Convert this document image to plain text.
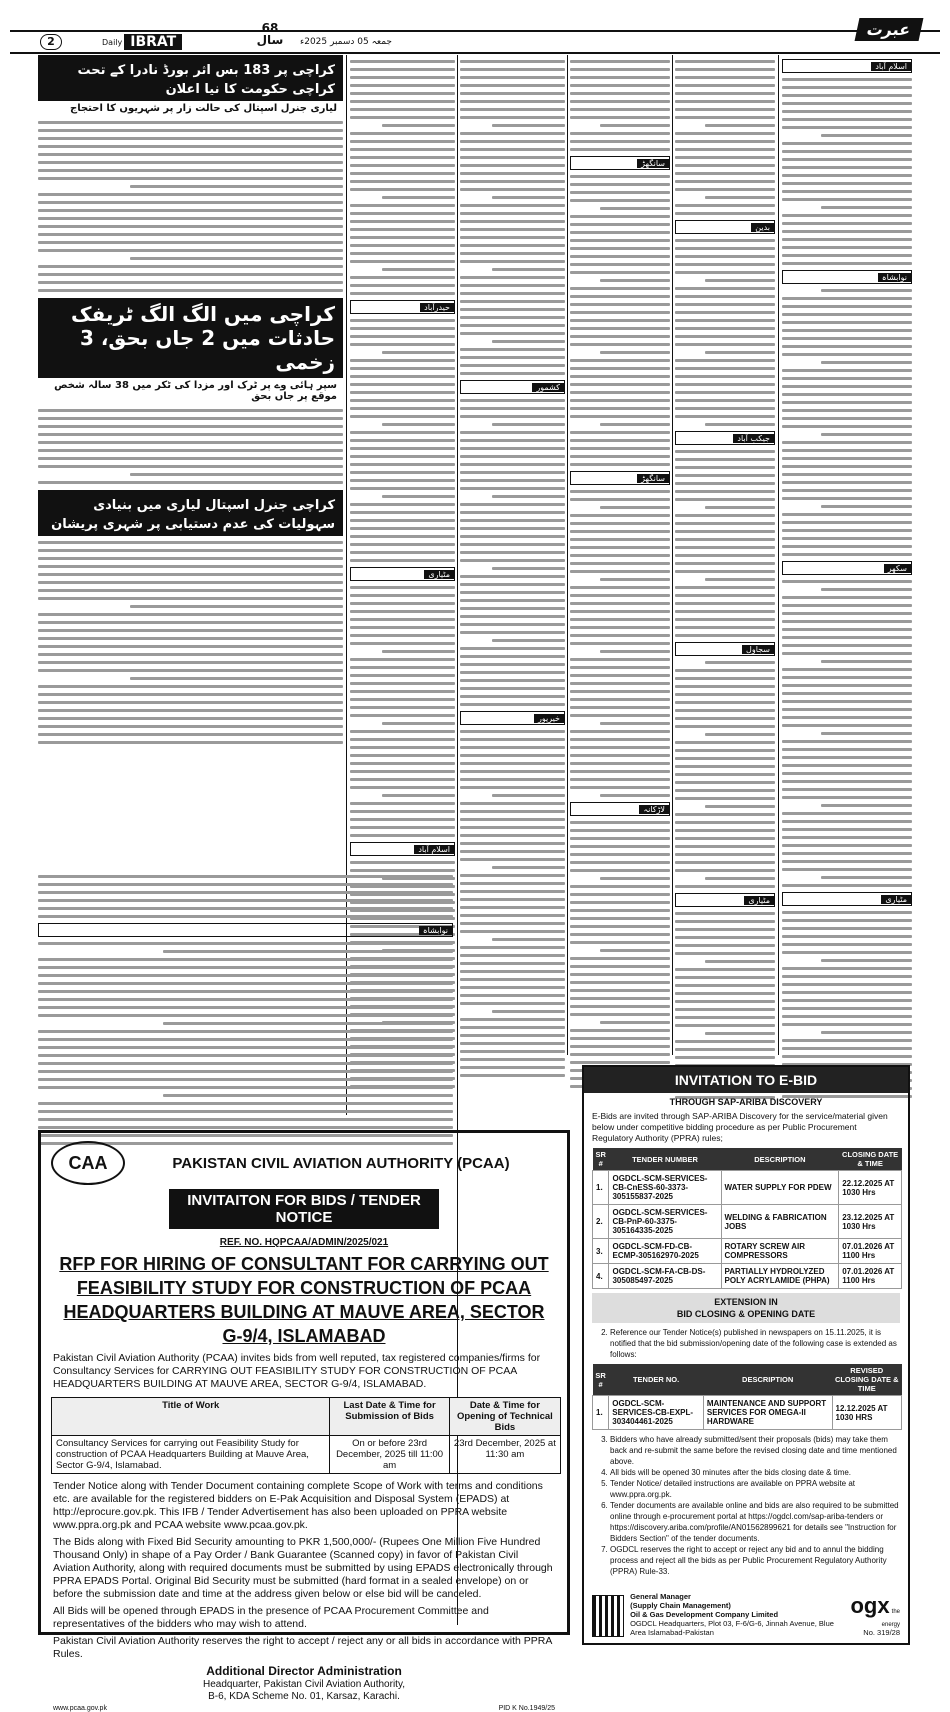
2	Daily IBRAT	جمعہ 05 دسمبر 2025ء
عبرت
68
سال
کراچی پر 183 بس اثر بورڈ نادرا کے تحت کراچی حکومت کا نیا اعلان
لیاری جنرل اسپتال کی حالت زار پر شہریوں کا احتجاج
کراچی میں الگ الگ ٹریفک حادثات میں 2 جاں بحق، 3 زخمی
سپر ہائی وے پر ٹرک اور مزدا کی ٹکر میں 38 سالہ شخص موقع پر جاں بحق
کراچی جنرل اسپتال لیاری میں بنیادی سہولیات کی عدم دستیابی پر شہری پریشان
حیدرآباد
مٹیاری
اسلام آباد
کشمور
خیرپور
سانگھڑ
سانگھڑ
لاڑکانہ
بدین
جیکب آباد
سجاول
مٹیاری
اسلام آباد
نوابشاہ
سکھر
مٹیاری
نوابشاہ
CAA	PAKISTAN CIVIL AVIATION AUTHORITY (PCAA)
INVITAITON FOR BIDS / TENDER NOTICE
REF. NO. HQPCAA/ADMIN/2025/021
RFP FOR HIRING OF CONSULTANT FOR CARRYING OUT FEASIBILITY STUDY FOR CONSTRUCTION OF PCAA HEADQUARTERS BUILDING AT MAUVE AREA, SECTOR G-9/4, ISLAMABAD

Pakistan Civil Aviation Authority (PCAA) invites bids from well reputed, tax registered companies/firms for Consultancy Services for CARRYING OUT FEASIBILITY STUDY FOR CONSTRUCTION OF PCAA HEADQUARTERS BUILDING AT MAUVE AREA, SECTOR G-9/4, ISLAMABAD.

Title of Work	Last Date & Time for Submission of Bids	Date & Time for Opening of Technical Bids
Consultancy Services for carrying out Feasibility Study for construction of PCAA Headquarters Building at Mauve Area, Sector G-9/4, Islamabad.	On or before 23rd December, 2025 till 11:00 am	23rd December, 2025 at 11:30 am

Tender Notice along with Tender Document containing complete Scope of Work with terms and conditions etc. are available for the registered bidders on E-Pak Acquisition and Disposal System (EPADS) at http://eprocure.gov.pk. This IFB / Tender Advertisement has also been uploaded on PPRA website www.ppra.org.pk and PCAA website www.pcaa.gov.pk.

The Bids along with Fixed Bid Security amounting to PKR 1,500,000/- (Rupees One Million Five Hundred Thousand Only) in shape of a Pay Order / Bank Guarantee (Scanned copy) in favor of Pakistan Civil Aviation Authority, along with required documents must be submitted by using EPADS electronically through PPRA EPADS Portal. Original Bid Security must be submitted (hard format in a sealed envelope) on or before the submission date and time at the address given below or else bid will be canceled.

All Bids will be opened through EPADS in the presence of PCAA Procurement Committee and representatives of the bidders who may wish to attend.

Pakistan Civil Aviation Authority reserves the right to accept / reject any or all bids in accordance with PPRA Rules.

Additional Director Administration
Headquarter, Pakistan Civil Aviation Authority,
B-6, KDA Scheme No. 01, Karsaz, Karachi.
www.pcaa.gov.pk	PID K No.1949/25
INVITATION TO E-BID
THROUGH SAP-ARIBA DISCOVERY

E-Bids are invited through SAP-ARIBA Discovery for the service/material given below under competitive bidding procedure as per Public Procurement Regulatory Authority (PPRA) rules;

SR #	TENDER NUMBER	DESCRIPTION	CLOSING DATE & TIME
1.	OGDCL-SCM-SERVICES-CB-CnESS-60-3373-305155837-2025	WATER SUPPLY FOR PDEW	22.12.2025 AT 1030 Hrs
2.	OGDCL-SCM-SERVICES-CB-PnP-60-3375-305164335-2025	WELDING & FABRICATION JOBS	23.12.2025 AT 1030 Hrs
3.	OGDCL-SCM-FD-CB-ECMP-305162970-2025	ROTARY SCREW AIR COMPRESSORS	07.01.2026 AT 1100 Hrs
4.	OGDCL-SCM-FA-CB-DS-305085497-2025	PARTIALLY HYDROLYZED POLY ACRYLAMIDE (PHPA)	07.01.2026 AT 1100 Hrs
EXTENSION IN
BID CLOSING & OPENING DATE
2. Reference our Tender Notice(s) published in newspapers on 15.11.2025, it is notified that the bid submission/opening date of the following case is extended as follows:
SR #	TENDER NO.	DESCRIPTION	REVISED CLOSING DATE & TIME
1.	OGDCL-SCM-SERVICES-CB-EXPL-303404461-2025	MAINTENANCE AND SUPPORT SERVICES FOR OMEGA-II HARDWARE	12.12.2025 AT 1030 HRS
3. Bidders who have already submitted/sent their proposals (bids) may take them back and re-submit the same before the revised closing date and time mentioned above.
4. All bids will be opened 30 minutes after the bids closing date & time.
5. Tender Notice/ detailed instructions are available on PPRA website at www.ppra.org.pk.
6. Tender documents are available online and bids are also required to be submitted online through e-procurement portal at https://ogdcl.com/sap-ariba-tenders or https://discovery.ariba.com/profile/AN01562899621 for details see "Instruction for Bidders Section" of the tender documents.
7. OGDCL reserves the right to accept or reject any bid and to annul the bidding process and reject all the bids as per Public Procurement Regulatory Authority (PPRA) Rule-33.
General Manager
(Supply Chain Management)
Oil & Gas Development Company Limited
OGDCL Headquarters, Plot 03, F-6/G-6, Jinnah Avenue, Blue Area Islamabad-Pakistan
ogx the energy
No. 319/28
